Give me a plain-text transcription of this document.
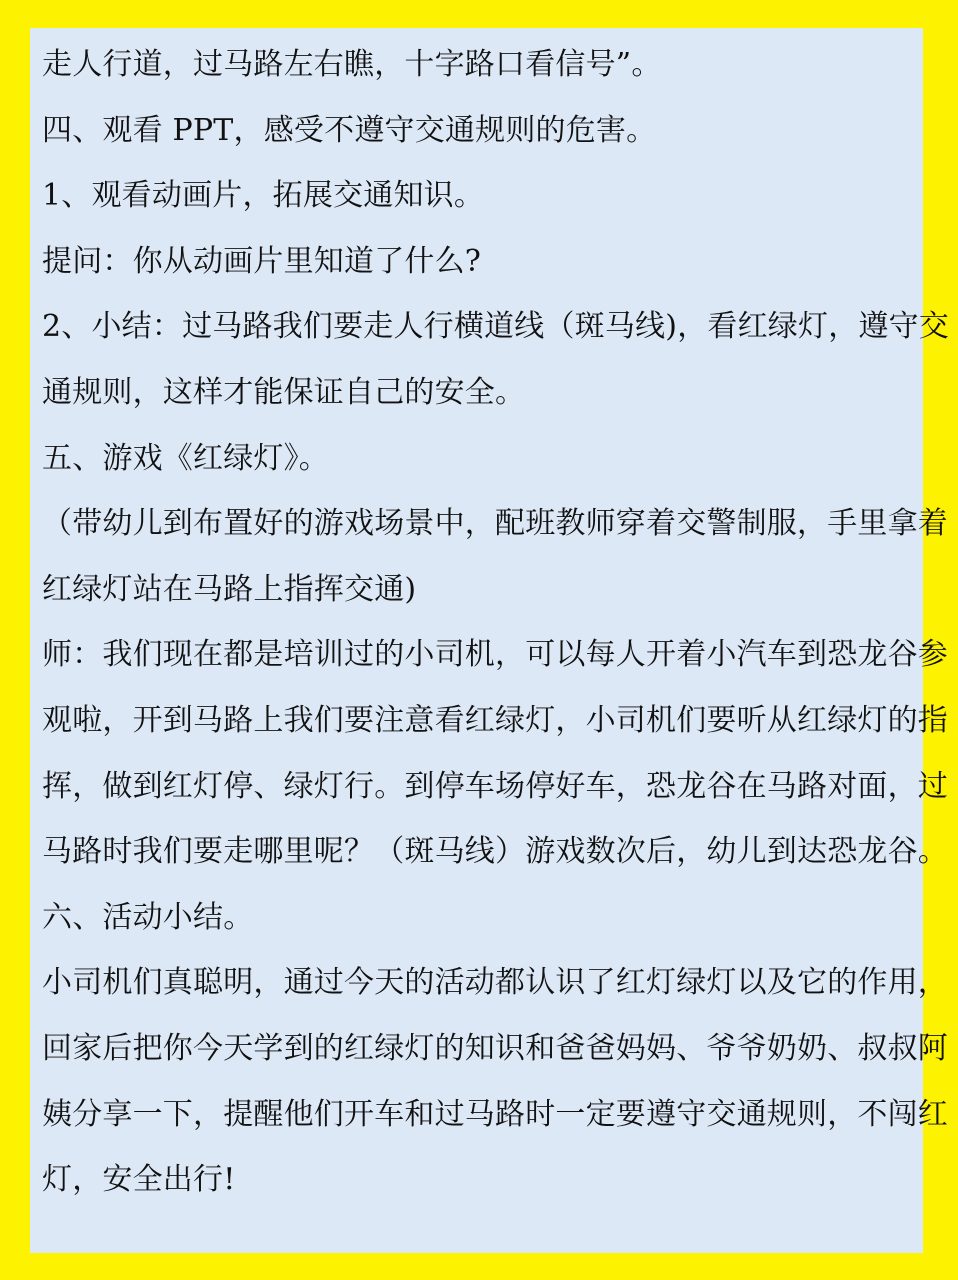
走人行道，过马路左右瞧，十字路口看信号”。
四、观看 PPT，感受不遵守交通规则的危害。
1、观看动画片，拓展交通知识。
提问：你从动画片里知道了什么?
2、小结：过马路我们要走人行横道线（斑马线)，看红绿灯，遵守交
通规则，这样才能保证自己的安全。
五、游戏《红绿灯》。
（带幼儿到布置好的游戏场景中，配班教师穿着交警制服，手里拿着
红绿灯站在马路上指挥交通)
师：我们现在都是培训过的小司机，可以每人开着小汽车到恐龙谷参
观啦，开到马路上我们要注意看红绿灯，小司机们要听从红绿灯的指
挥，做到红灯停、绿灯行。到停车场停好车，恐龙谷在马路对面，过
马路时我们要走哪里呢？（斑马线）游戏数次后，幼儿到达恐龙谷。
六、活动小结。
小司机们真聪明，通过今天的活动都认识了红灯绿灯以及它的作用，
回家后把你今天学到的红绿灯的知识和爸爸妈妈、爷爷奶奶、叔叔阿
姨分享一下，提醒他们开车和过马路时一定要遵守交通规则，不闯红
灯，安全出行!
